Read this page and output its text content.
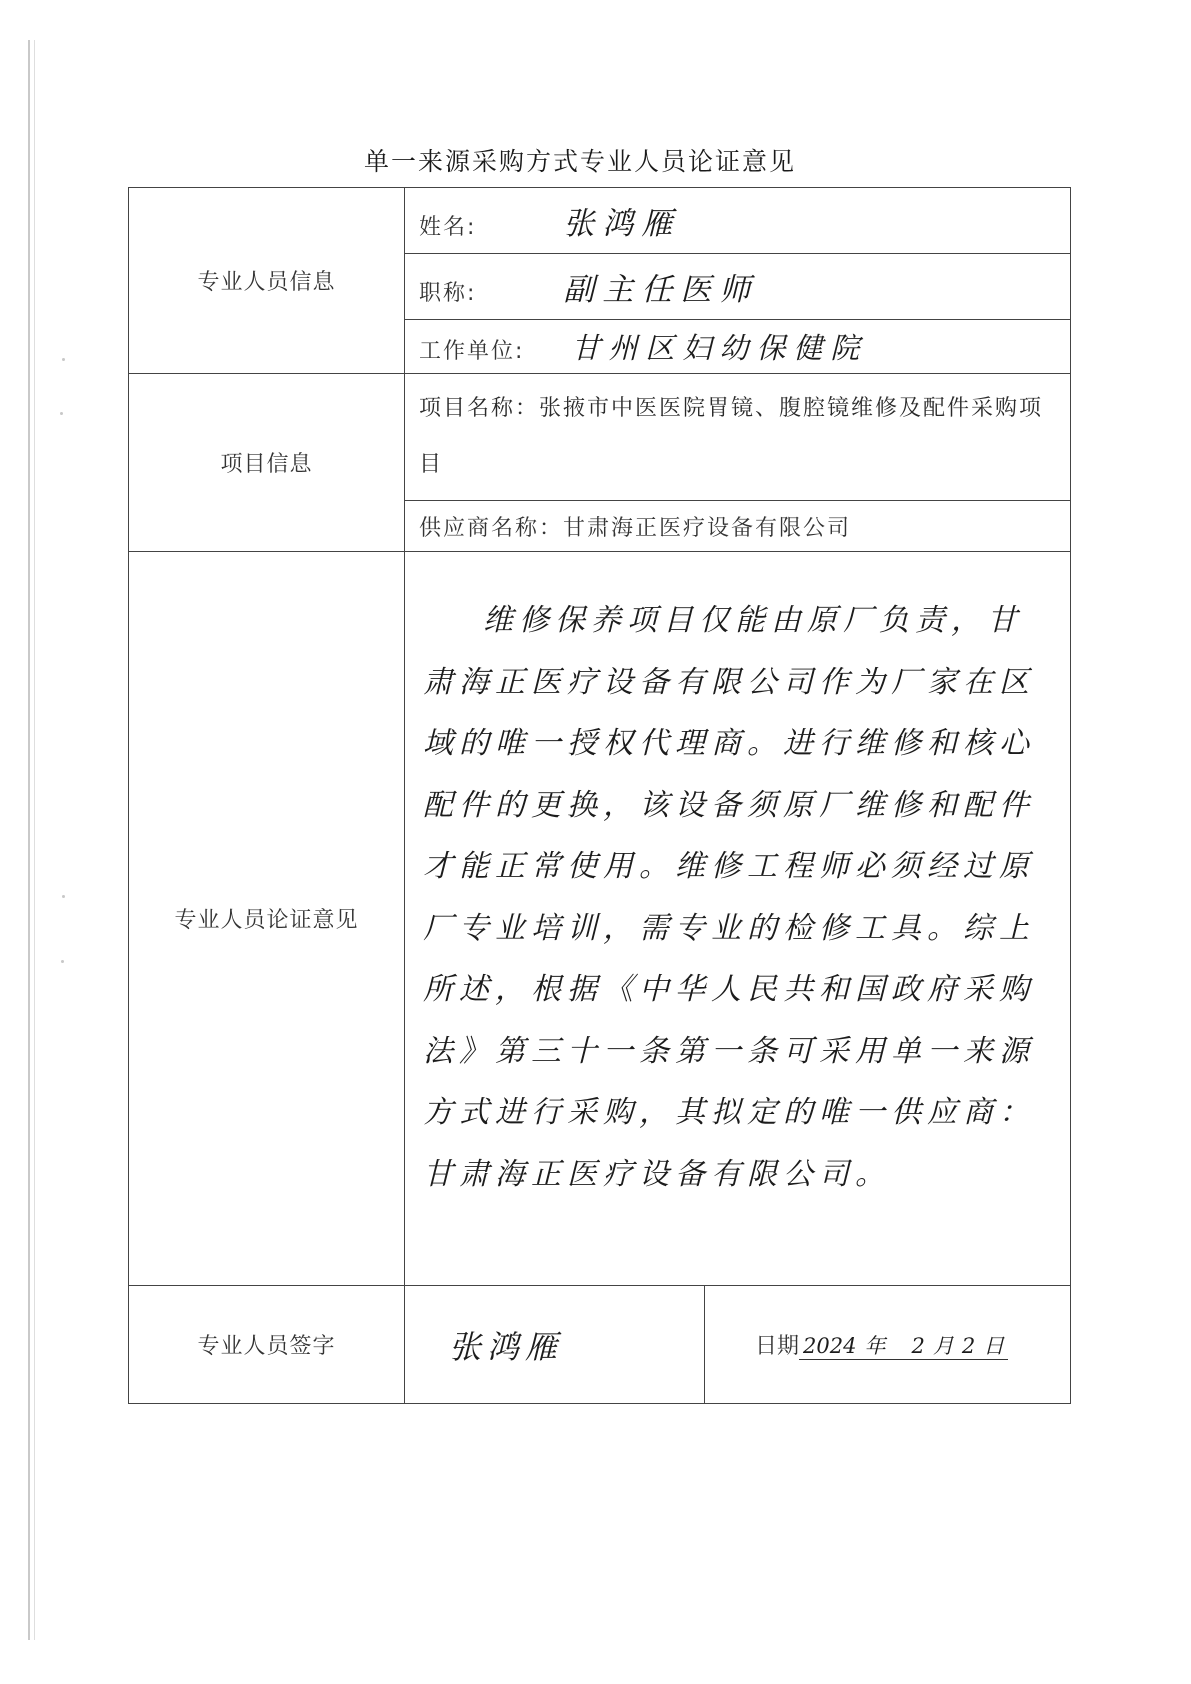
单一来源采购方式专业人员论证意见
专业人员信息	姓名: 张鸿雁	
	职称: 副主任医师	
	工作单位: 甘州区妇幼保健院	
项目信息	项目名称：张掖市中医医院胃镜、腹腔镜维修及配件采购项目	
	供应商名称：甘肃海正医疗设备有限公司	
专业人员论证意见	维修保养项目仅能由原厂负责，甘肃海正医疗设备有限公司作为厂家在区域的唯一授权代理商。进行维修和核心配件的更换，该设备须原厂维修和配件才能正常使用。维修工程师必须经过原厂专业培训，需专业的检修工具。综上所述，根据《中华人民共和国政府采购法》第三十一条第一条可采用单一来源方式进行采购，其拟定的唯一供应商：甘肃海正医疗设备有限公司。	

专业人员签字	张鸿雁	日期 2024 年 2 月 2 日
